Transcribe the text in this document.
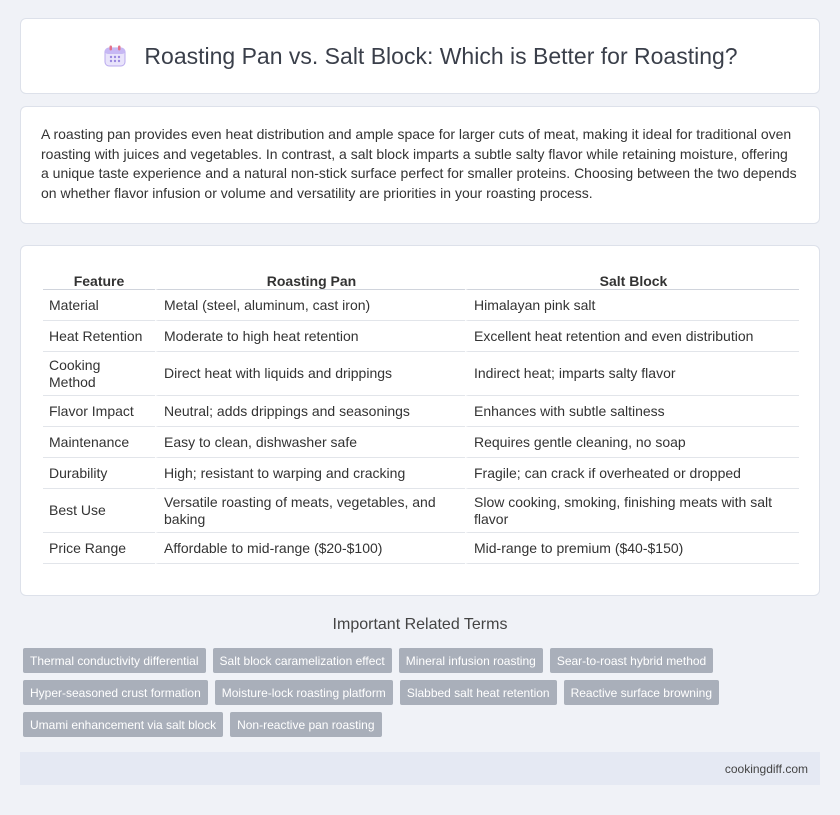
Roasting Pan vs. Salt Block: Which is Better for Roasting?

A roasting pan provides even heat distribution and ample space for larger cuts of meat, making it ideal for traditional oven roasting with juices and vegetables. In contrast, a salt block imparts a subtle salty flavor while retaining moisture, offering a unique taste experience and a natural non-stick surface perfect for smaller proteins. Choosing between the two depends on whether flavor infusion or volume and versatility are priorities in your roasting process.

Feature	Roasting Pan	Salt Block
Material	Metal (steel, aluminum, cast iron)	Himalayan pink salt
Heat Retention	Moderate to high heat retention	Excellent heat retention and even distribution
Cooking Method	Direct heat with liquids and drippings	Indirect heat; imparts salty flavor
Flavor Impact	Neutral; adds drippings and seasonings	Enhances with subtle saltiness
Maintenance	Easy to clean, dishwasher safe	Requires gentle cleaning, no soap
Durability	High; resistant to warping and cracking	Fragile; can crack if overheated or dropped
Best Use	Versatile roasting of meats, vegetables, and baking	Slow cooking, smoking, finishing meats with salt flavor
Price Range	Affordable to mid-range ($20-$100)	Mid-range to premium ($40-$150)
Important Related Terms
Thermal conductivity differential	Salt block caramelization effect	Mineral infusion roasting	Sear-to-roast hybrid method
Hyper-seasoned crust formation	Moisture-lock roasting platform	Slabbed salt heat retention	Reactive surface browning
Umami enhancement via salt block	Non-reactive pan roasting
cookingdiff.com
